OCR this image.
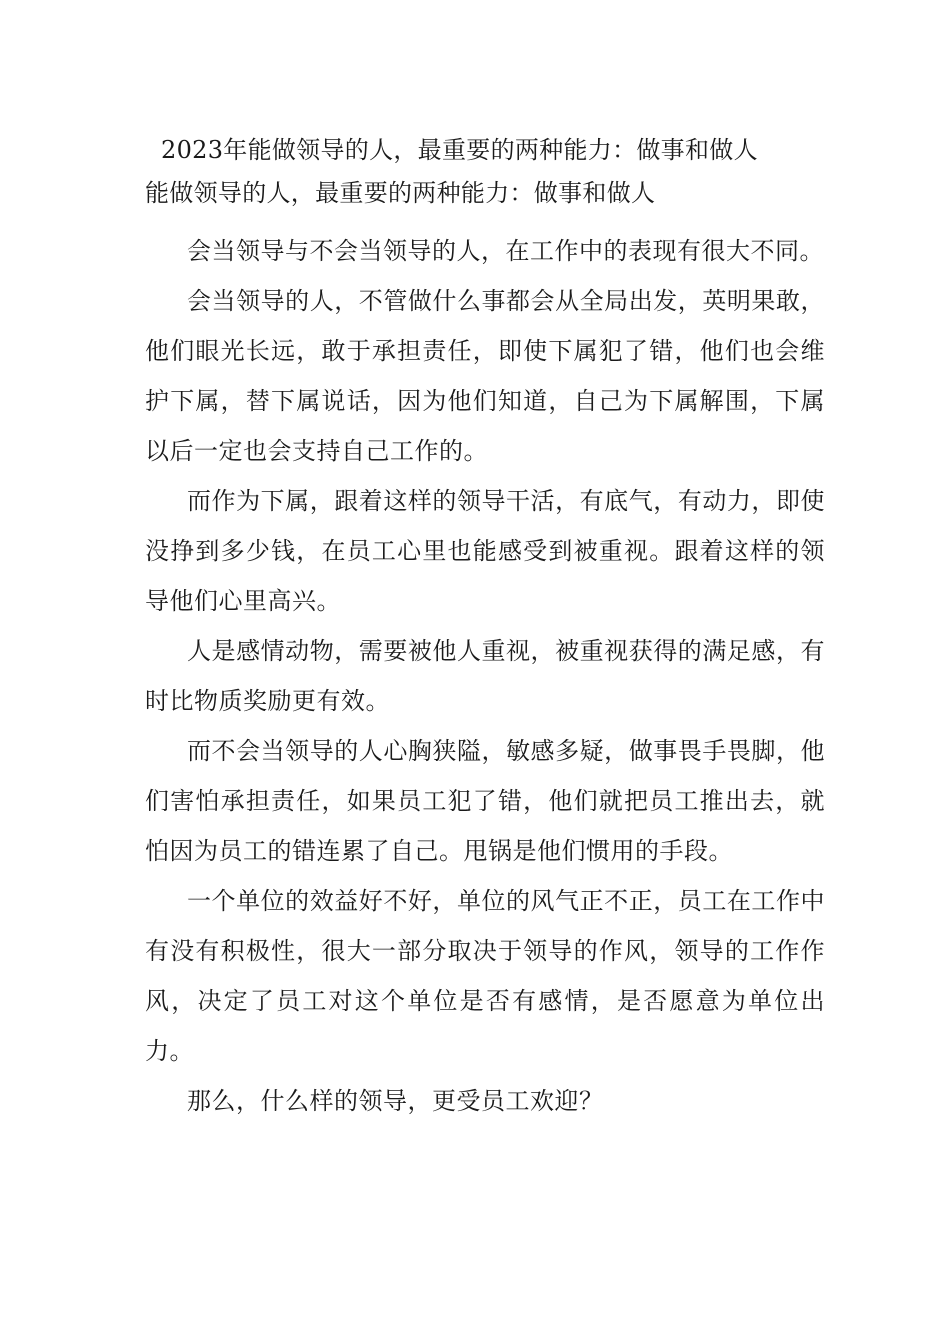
2023年能做领导的人，最重要的两种能力：做事和做人

能做领导的人，最重要的两种能力：做事和做人

会当领导与不会当领导的人，在工作中的表现有很大不同。

会当领导的人，不管做什么事都会从全局出发，英明果敢，他们眼光长远，敢于承担责任，即使下属犯了错，他们也会维护下属，替下属说话，因为他们知道，自己为下属解围，下属以后一定也会支持自己工作的。

而作为下属，跟着这样的领导干活，有底气，有动力，即使没挣到多少钱，在员工心里也能感受到被重视。跟着这样的领导他们心里高兴。

人是感情动物，需要被他人重视，被重视获得的满足感，有时比物质奖励更有效。

而不会当领导的人心胸狭隘，敏感多疑，做事畏手畏脚，他们害怕承担责任，如果员工犯了错，他们就把员工推出去，就怕因为员工的错连累了自己。甩锅是他们惯用的手段。

一个单位的效益好不好，单位的风气正不正，员工在工作中有没有积极性，很大一部分取决于领导的作风，领导的工作作风，决定了员工对这个单位是否有感情，是否愿意为单位出力。

那么，什么样的领导，更受员工欢迎？
